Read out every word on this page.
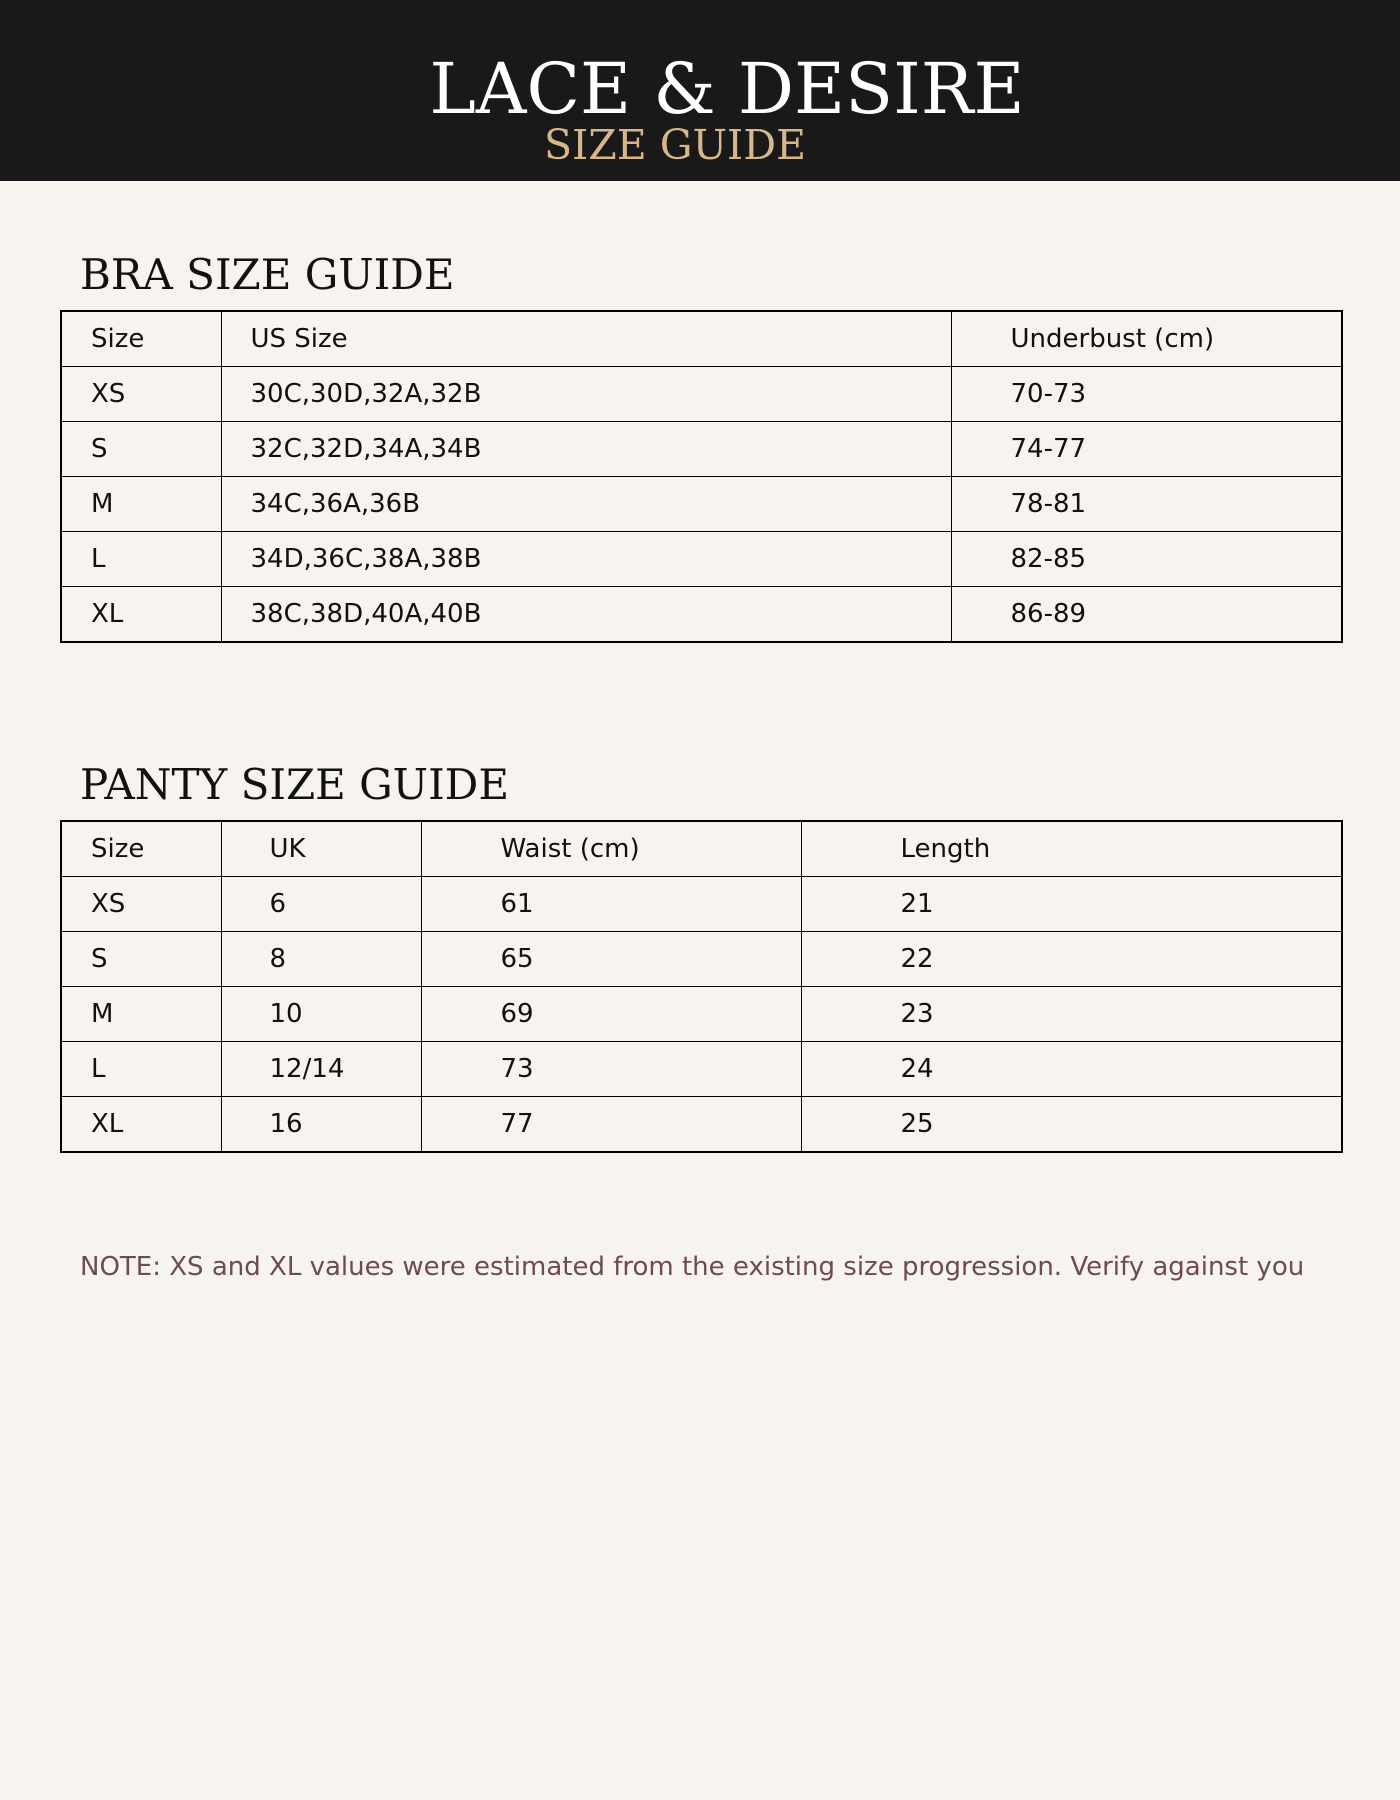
LACE & DESIRE
SIZE GUIDE
BRA SIZE GUIDE
Size	US Size	Underbust (cm)
XS	30C,30D,32A,32B	70-73
S	32C,32D,34A,34B	74-77
M	34C,36A,36B	78-81
L	34D,36C,38A,38B	82-85
XL	38C,38D,40A,40B	86-89
PANTY SIZE GUIDE
Size	UK	Waist (cm)	Length
XS	6	61	21
S	8	65	22
M	10	69	23
L	12/14	73	24
XL	16	77	25
NOTE: XS and XL values were estimated from the existing size progression. Verify against you
